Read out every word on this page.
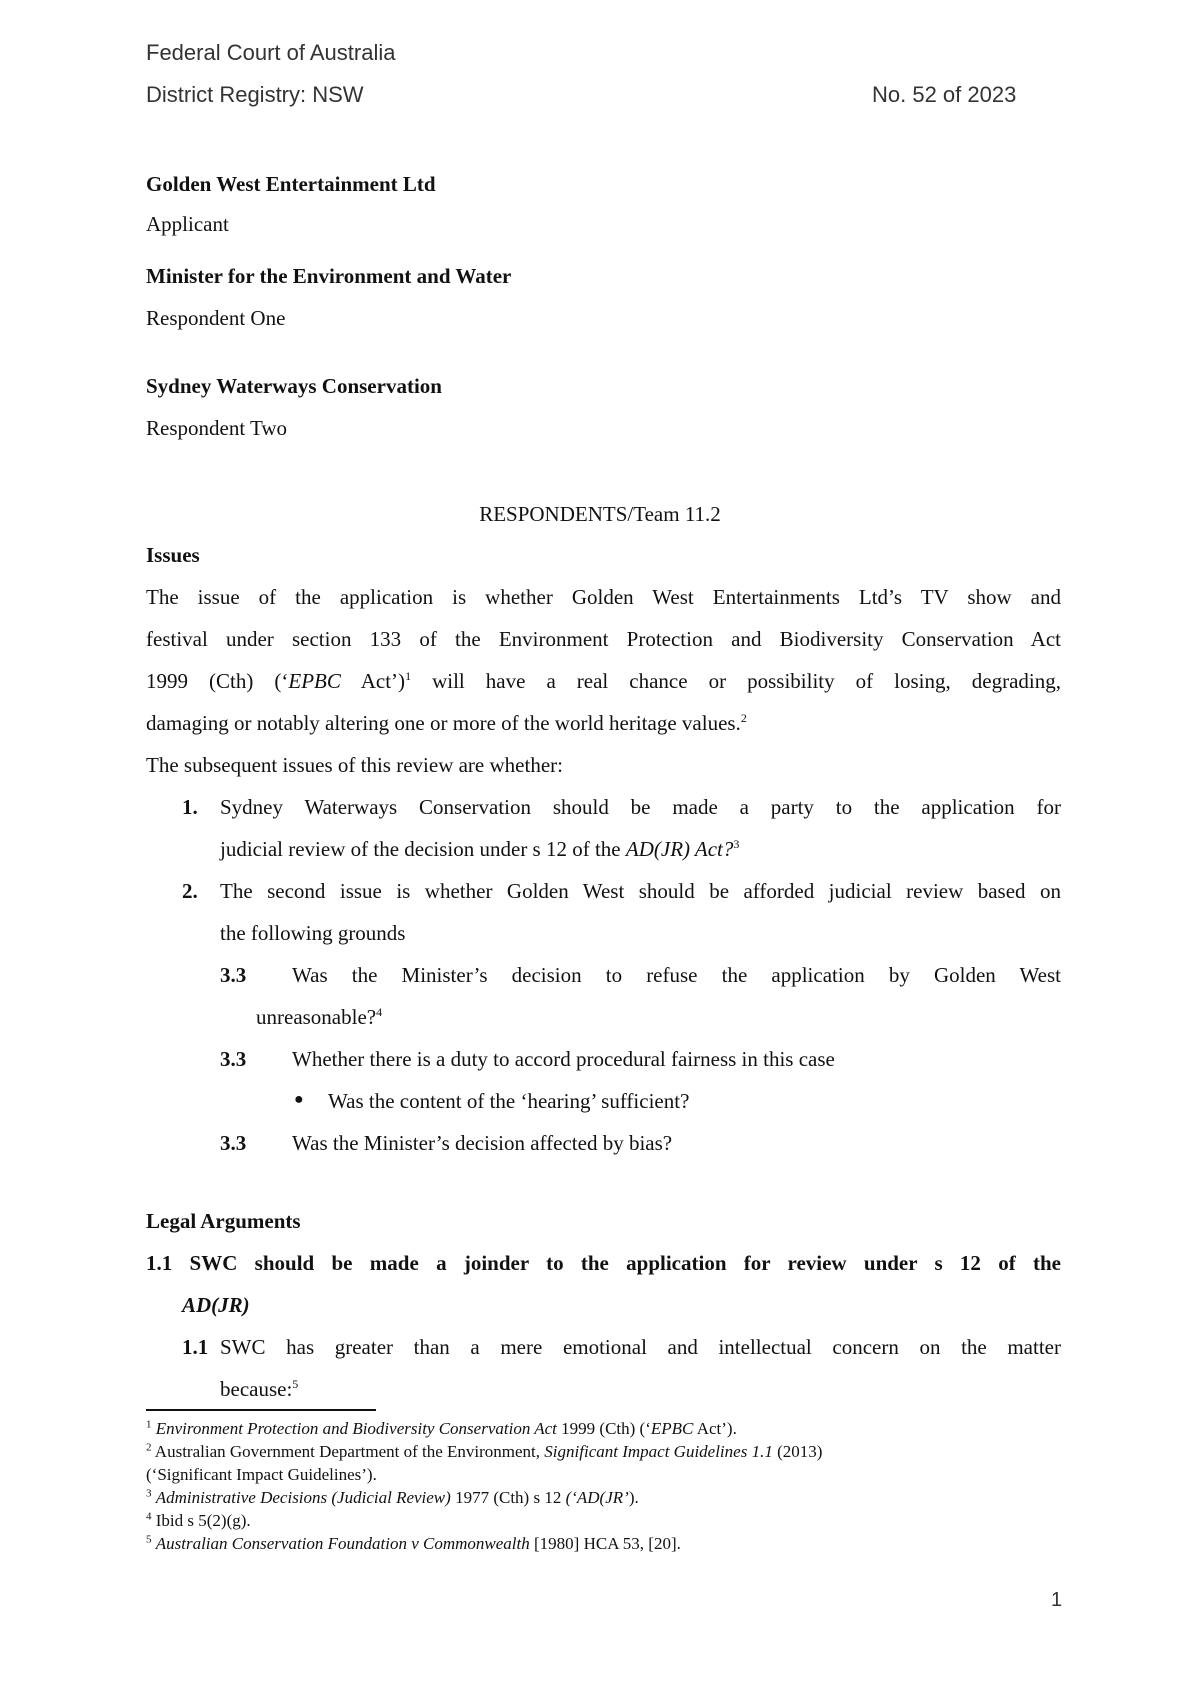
Federal Court of Australia
District Registry: NSW	No. 52 of 2023
Golden West Entertainment Ltd
Applicant
Minister for the Environment and Water
Respondent One
Sydney Waterways Conservation
Respondent Two
RESPONDENTS/Team 11.2
Issues
The issue of the application is whether Golden West Entertainments Ltd’s TV show and
festival under section 133 of the Environment Protection and Biodiversity Conservation Act
1999 (Cth) (‘EPBC Act’)$^1$ will have a real chance or possibility of losing, degrading,
damaging or notably altering one or more of the world heritage values.$^2$
The subsequent issues of this review are whether:
1. Sydney Waterways Conservation should be made a party to the application for
judicial review of the decision under s 12 of the AD(JR) Act?$^3$
2. The second issue is whether Golden West should be afforded judicial review based on
the following grounds
3.3 Was the Minister’s decision to refuse the application by Golden West
unreasonable?$^4$
3.3 Whether there is a duty to accord procedural fairness in this case
● Was the content of the ‘hearing’ sufficient?
3.3 Was the Minister’s decision affected by bias?
Legal Arguments
1.1 SWC should be made a joinder to the application for review under s 12 of the
AD(JR)
1.1 SWC has greater than a mere emotional and intellectual concern on the matter
because:$^5$
$^1$ Environment Protection and Biodiversity Conservation Act 1999 (Cth) (‘EPBC Act’).
$^2$ Australian Government Department of the Environment, Significant Impact Guidelines 1.1 (2013)
(‘Significant Impact Guidelines’).
$^3$ Administrative Decisions (Judicial Review) 1977 (Cth) s 12 (‘AD(JR’).
$^4$ Ibid s 5(2)(g).
$^5$ Australian Conservation Foundation v Commonwealth [1980] HCA 53, [20].
1
